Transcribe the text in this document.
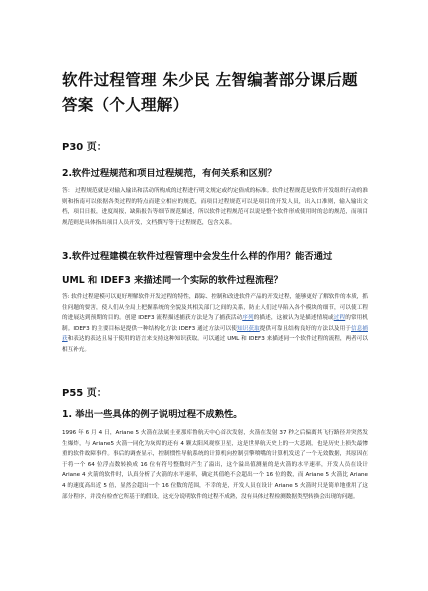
软件过程管理 朱少民 左智编著部分课后题答案（个人理解）
P30 页：
2.软件过程规范和项目过程规范，有何关系和区别？
答： 过程规范就是对输入输出和活动所构成的过程进行明文规定或约定俗成的标准。软件过程规范是软件开发组织行动的准则和指南可以依据各类过程的特点而建立相应的规范，而项目过程规范可以是项目的开发人员，出入口准则，输入输出文档，项目日报，进度周报，缺陷报告等细节规范描述，所以软件过程规范可以说是整个软件形成使用时的总的规范，而项目规范则是具体指出项目人员开发，文档撰写等于过程规范，包含关系。
3.软件过程建模在软件过程管理中会发生什么样的作用？能否通过
UML 和 IDEF3 来描述同一个实际的软件过程流程？
答: 软件过程建模可以更好理解软件开发过程的特性，跟踪、控制和改进软件产品的开发过程，能够更好了解软件的本质，抓住问题的要害，使人们从全局上把握系统的全貌及其相关部门之间的关系，防止人们过早陷入各个模块的细节，可以使工程的进展达到预期的目的。创建 IDEF3 流程描述捕获方法是为了捕获活动序列的描述，这被认为是描述情境或过程的常用机制。IDEF3 的主要目标是提供一种结构化方法 IDEF3 通过方法可以使知识获取提供可靠且结构良好的方法以及用于信息捕获和表达的表达且易于使用的语言来支持这种知识获取。可以通过 UML 和 IDEF3 来描述同一个软件过程的流程，两者可以相互补充。
P55 页：
1. 举出一些具体的例子说明过程不成熟性。
1996 年 6 月 4 日，Ariane 5 火箭在法属圭亚那库鲁航天中心首次发射，火箭在发射 37 秒之后偏离其飞行路径并突然发生爆炸，与 Ariane5 火箭一同化为灰烬的还有 4 颗太阳风观察卫星，这是世界航天史上的一大悲剧，也是历史上损失最惨重的软件故障事件。事后的调查显示，控制惯性导航系统的计算机向控制引擎喷嘴的计算机发送了一个无效数据，其原因在于将一个 64 位浮点数转换成 16 位有符号整数时产生了溢出，这个溢出值测量的是火箭的水平速率，开发人员在设计 Ariane 4 火箭的软件时，认真分析了火箭的水平速率，确定其值绝不会超出一个 16 位的数，而 Ariane 5 火箭比 Ariane 4 的速度高出近 5 倍，显然会超出一个 16 位数的范围，不幸的是，开发人员在设计 Ariane 5 火箭时只是简单地重用了这部分程序，并没有检查它所基于的假设，这充分说明软件的过程不成熟，没有具体过程检测数据类型转换会出现的问题。
